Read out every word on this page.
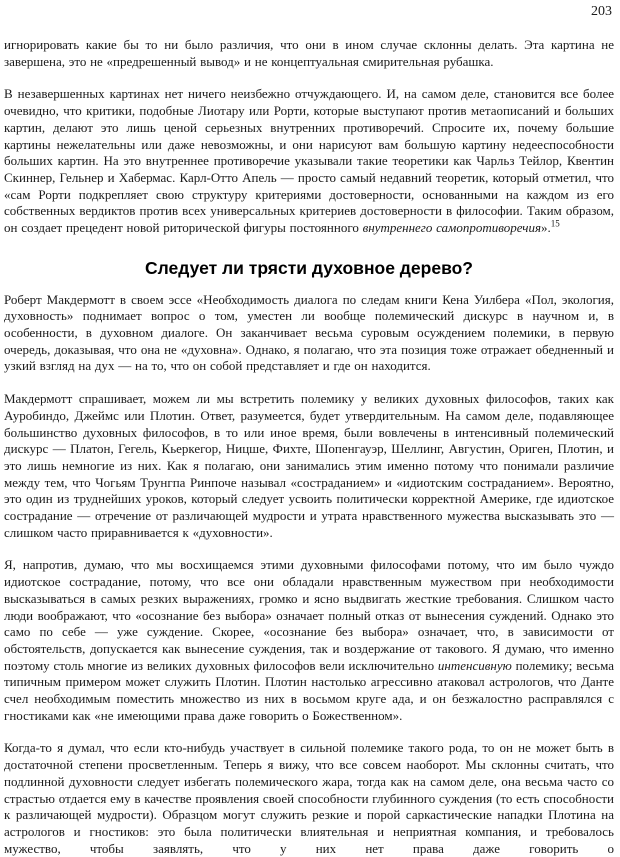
203

игнорировать какие бы то ни было различия, что они в ином случае склонны делать. Эта картина не завершена, это не «предрешенный вывод» и не концептуальная смирительная рубашка.

В незавершенных картинах нет ничего неизбежно отчуждающего. И, на самом деле, становится все более очевидно, что критики, подобные Лиотару или Рорти, которые выступают против метаописаний и больших картин, делают это лишь ценой серьезных внутренних противоречий. Спросите их, почему большие картины нежелательны или даже невозможны, и они нарисуют вам большую картину недееспособности больших картин. На это внутреннее противоречие указывали такие теоретики как Чарльз Тейлор, Квентин Скиннер, Гельнер и Хабермас. Карл-Отто Апель — просто самый недавний теоретик, который отметил, что «сам Рорти подкрепляет свою структуру критериями достоверности, основанными на каждом из его собственных вердиктов против всех универсальных критериев достоверности в философии. Таким образом, он создает прецедент новой риторической фигуры постоянного внутреннего самопротиворечия».$^{15}$

Следует ли трясти духовное дерево?

Роберт Макдермотт в своем эссе «Необходимость диалога по следам книги Кена Уилбера «Пол, экология, духовность» поднимает вопрос о том, уместен ли вообще полемический дискурс в научном и, в особенности, в духовном диалоге. Он заканчивает весьма суровым осуждением полемики, в первую очередь, доказывая, что она не «духовна». Однако, я полагаю, что эта позиция тоже отражает обедненный и узкий взгляд на дух — на то, что он собой представляет и где он находится.

Макдермотт спрашивает, можем ли мы встретить полемику у великих духовных философов, таких как Ауробиндо, Джеймс или Плотин. Ответ, разумеется, будет утвердительным. На самом деле, подавляющее большинство духовных философов, в то или иное время, были вовлечены в интенсивный полемический дискурс — Платон, Гегель, Кьеркегор, Ницше, Фихте, Шопенгауэр, Шеллинг, Августин, Ориген, Плотин, и это лишь немногие из них. Как я полагаю, они занимались этим именно потому что понимали различие между тем, что Чогьям Трунгпа Ринпоче называл «состраданием» и «идиотским состраданием». Вероятно, это один из труднейших уроков, который следует усвоить политически корректной Америке, где идиотское сострадание — отречение от различающей мудрости и утрата нравственного мужества высказывать это — слишком часто приравнивается к «духовности».

Я, напротив, думаю, что мы восхищаемся этими духовными философами потому, что им было чуждо идиотское сострадание, потому, что все они обладали нравственным мужеством при необходимости высказываться в самых резких выражениях, громко и ясно выдвигать жесткие требования. Слишком часто люди воображают, что «осознание без выбора» означает полный отказ от вынесения суждений. Однако это само по себе — уже суждение. Скорее, «осознание без выбора» означает, что, в зависимости от обстоятельств, допускается как вынесение суждения, так и воздержание от такового. Я думаю, что именно поэтому столь многие из великих духовных философов вели исключительно интенсивную полемику; весьма типичным примером может служить Плотин. Плотин настолько агрессивно атаковал астрологов, что Данте счел необходимым поместить множество из них в восьмом круге ада, и он безжалостно расправлялся с гностиками как «не имеющими права даже говорить о Божественном».

Когда-то я думал, что если кто-нибудь участвует в сильной полемике такого рода, то он не может быть в достаточной степени просветленным. Теперь я вижу, что все совсем наоборот. Мы склонны считать, что подлинной духовности следует избегать полемического жара, тогда как на самом деле, она весьма часто со страстью отдается ему в качестве проявления своей способности глубинного суждения (то есть способности к различающей мудрости). Образцом могут служить резкие и порой саркастические нападки Плотина на астрологов и гностиков: это была политически влиятельная и неприятная компания, и требовалось мужество, чтобы заявлять, что у них нет права даже говорить о
